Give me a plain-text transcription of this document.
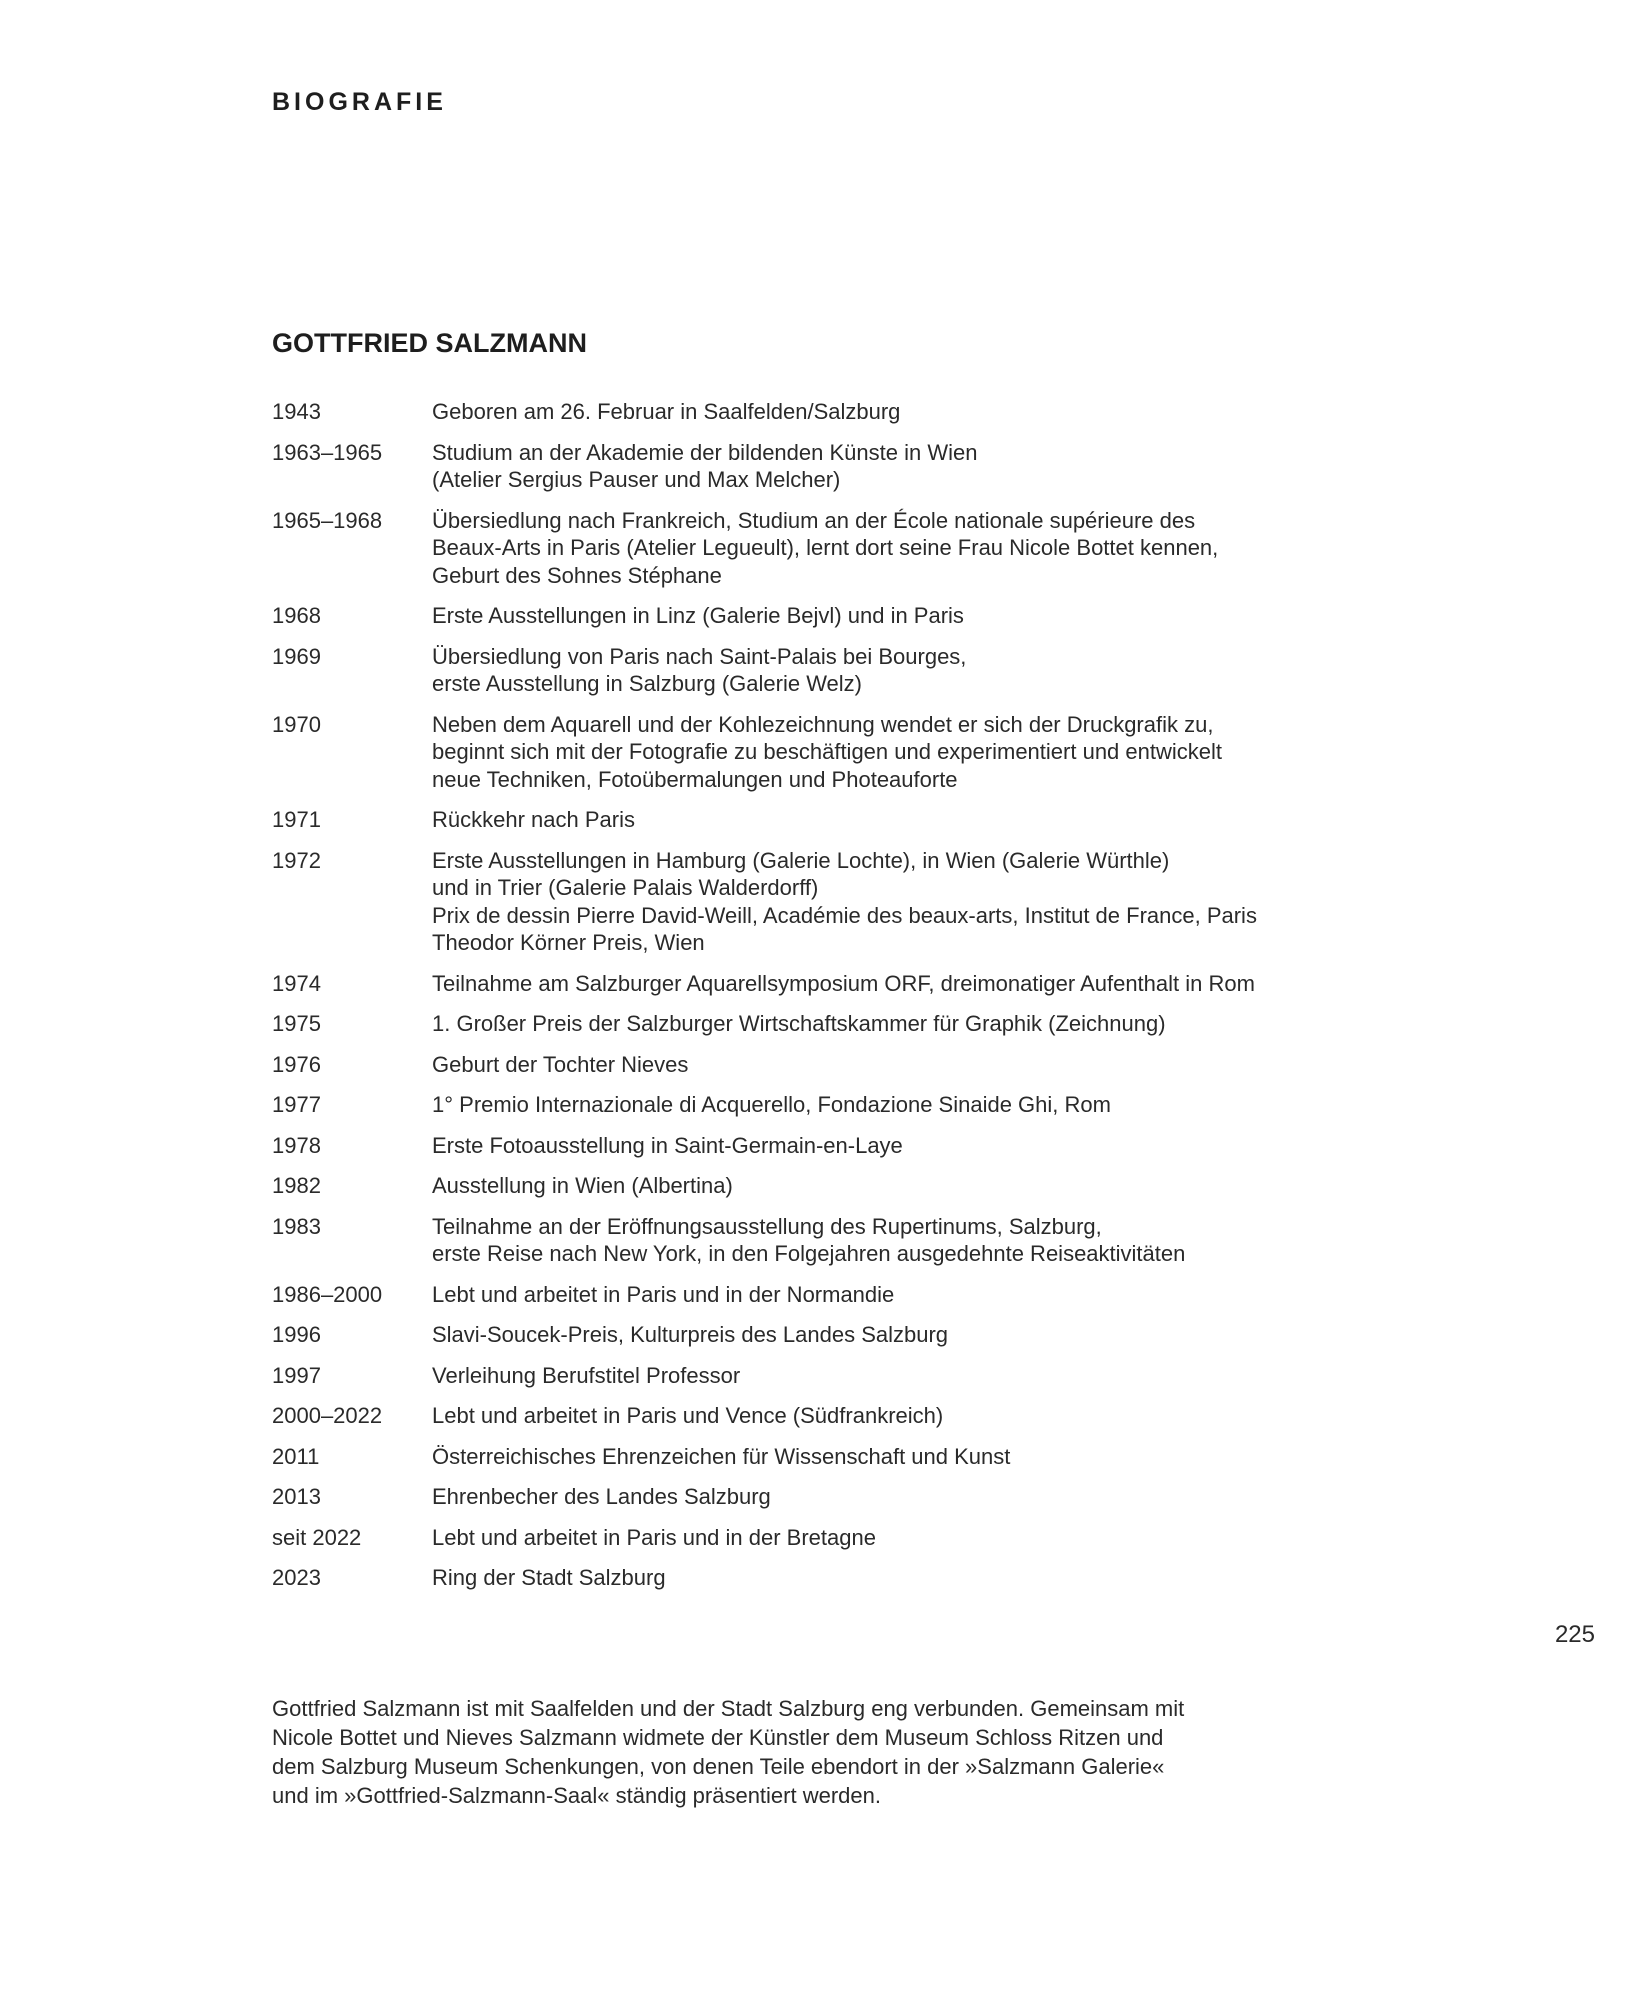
BIOGRAFIE
GOTTFRIED SALZMANN
1943	Geboren am 26. Februar in Saalfelden/Salzburg
1963–1965	Studium an der Akademie der bildenden Künste in Wien
(Atelier Sergius Pauser und Max Melcher)
1965–1968	Übersiedlung nach Frankreich, Studium an der École nationale supérieure des
Beaux-Arts in Paris (Atelier Legueult), lernt dort seine Frau Nicole Bottet kennen,
Geburt des Sohnes Stéphane
1968	Erste Ausstellungen in Linz (Galerie Bejvl) und in Paris
1969	Übersiedlung von Paris nach Saint-Palais bei Bourges,
erste Ausstellung in Salzburg (Galerie Welz)
1970	Neben dem Aquarell und der Kohlezeichnung wendet er sich der Druckgrafik zu,
beginnt sich mit der Fotografie zu beschäftigen und experimentiert und entwickelt
neue Techniken, Fotoübermalungen und Photeauforte
1971	Rückkehr nach Paris
1972	Erste Ausstellungen in Hamburg (Galerie Lochte), in Wien (Galerie Würthle)
und in Trier (Galerie Palais Walderdorff)
Prix de dessin Pierre David-Weill, Académie des beaux-arts, Institut de France, Paris
Theodor Körner Preis, Wien
1974	Teilnahme am Salzburger Aquarellsymposium ORF, dreimonatiger Aufenthalt in Rom
1975	1. Großer Preis der Salzburger Wirtschaftskammer für Graphik (Zeichnung)
1976	Geburt der Tochter Nieves
1977	1° Premio Internazionale di Acquerello, Fondazione Sinaide Ghi, Rom
1978	Erste Fotoausstellung in Saint-Germain-en-Laye
1982	Ausstellung in Wien (Albertina)
1983	Teilnahme an der Eröffnungsausstellung des Rupertinums, Salzburg,
erste Reise nach New York, in den Folgejahren ausgedehnte Reiseaktivitäten
1986–2000	Lebt und arbeitet in Paris und in der Normandie
1996	Slavi-Soucek-Preis, Kulturpreis des Landes Salzburg
1997	Verleihung Berufstitel Professor
2000–2022	Lebt und arbeitet in Paris und Vence (Südfrankreich)
2011	Österreichisches Ehrenzeichen für Wissenschaft und Kunst
2013	Ehrenbecher des Landes Salzburg
seit 2022	Lebt und arbeitet in Paris und in der Bretagne
2023	Ring der Stadt Salzburg
225
Gottfried Salzmann ist mit Saalfelden und der Stadt Salzburg eng verbunden. Gemeinsam mit
Nicole Bottet und Nieves Salzmann widmete der Künstler dem Museum Schloss Ritzen und
dem Salzburg Museum Schenkungen, von denen Teile ebendort in der »Salzmann Galerie«
und im »Gottfried-Salzmann-Saal« ständig präsentiert werden.
